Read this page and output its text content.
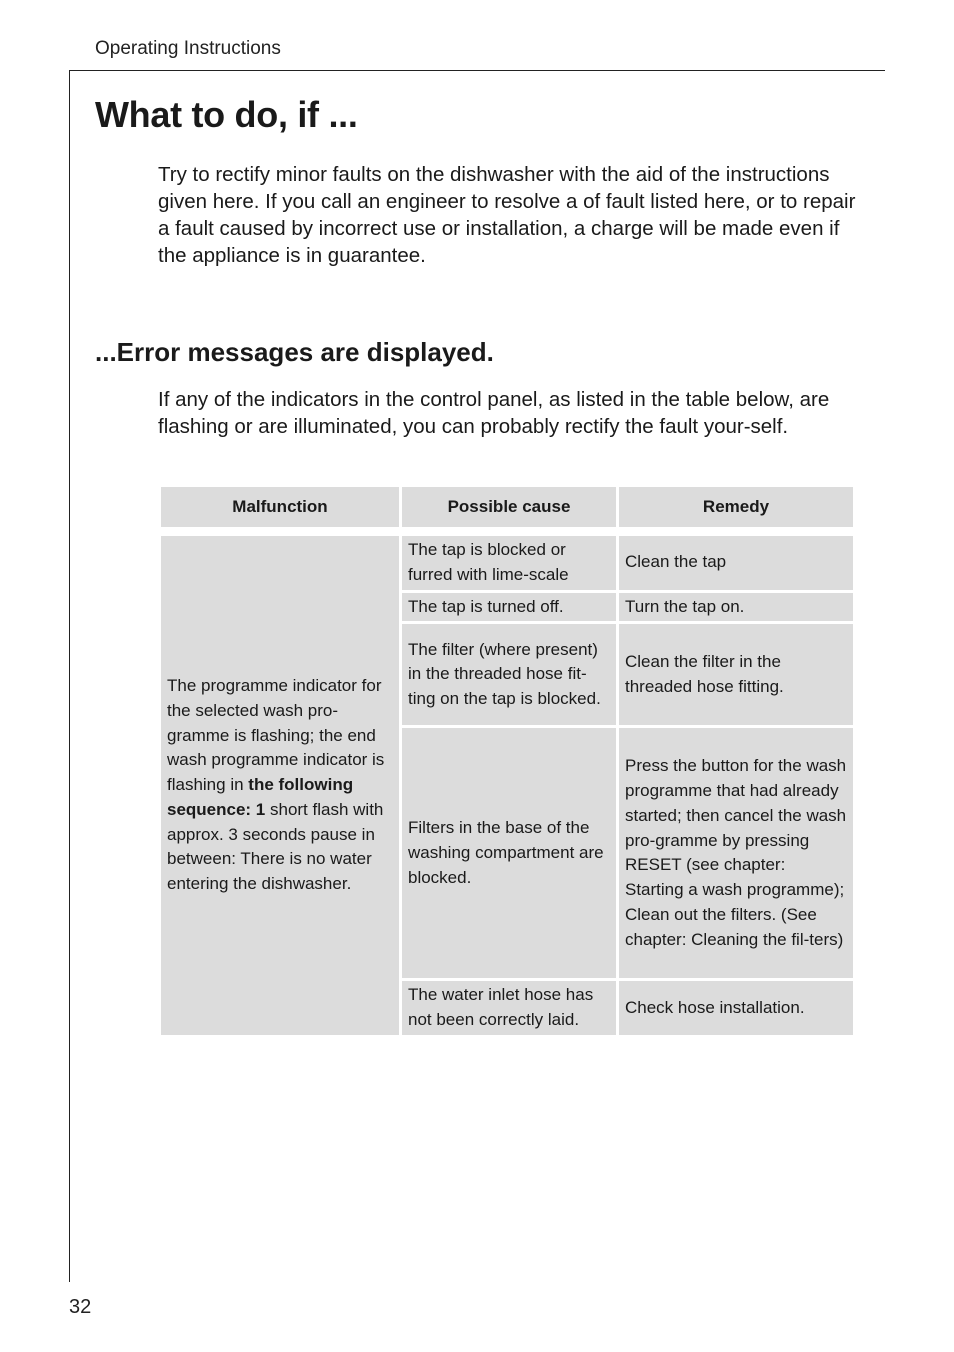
Operating Instructions
What to do, if ...

Try to rectify minor faults on the dishwasher with the aid of the instructions given here. If you call an engineer to resolve a of fault listed here, or to repair a fault caused by incorrect use or installation, a charge will be made even if the appliance is in guarantee.

...Error messages are displayed.

If any of the indicators in the control panel, as listed in the table below, are flashing or are illuminated, you can probably rectify the fault your-self.

Malfunction	Possible cause	Remedy

The programme indicator for the selected wash pro-gramme is flashing; the end wash programme indicator is flashing in the following sequence: 1 short flash with approx. 3 seconds pause in between: There is no water entering the dishwasher.	The tap is blocked or furred with lime-scale	Clean the tap
	The tap is turned off.	Turn the tap on.
	The filter (where present) in the threaded hose fit-ting on the tap is blocked.	Clean the filter in the threaded hose fitting.
	Filters in the base of the washing compartment are blocked.	Press the button for the wash programme that had already started; then cancel the wash pro-gramme by pressing RESET (see chapter: Starting a wash programme); Clean out the filters. (See chapter: Cleaning the fil-ters)
	The water inlet hose has not been correctly laid.	Check hose installation.
32
